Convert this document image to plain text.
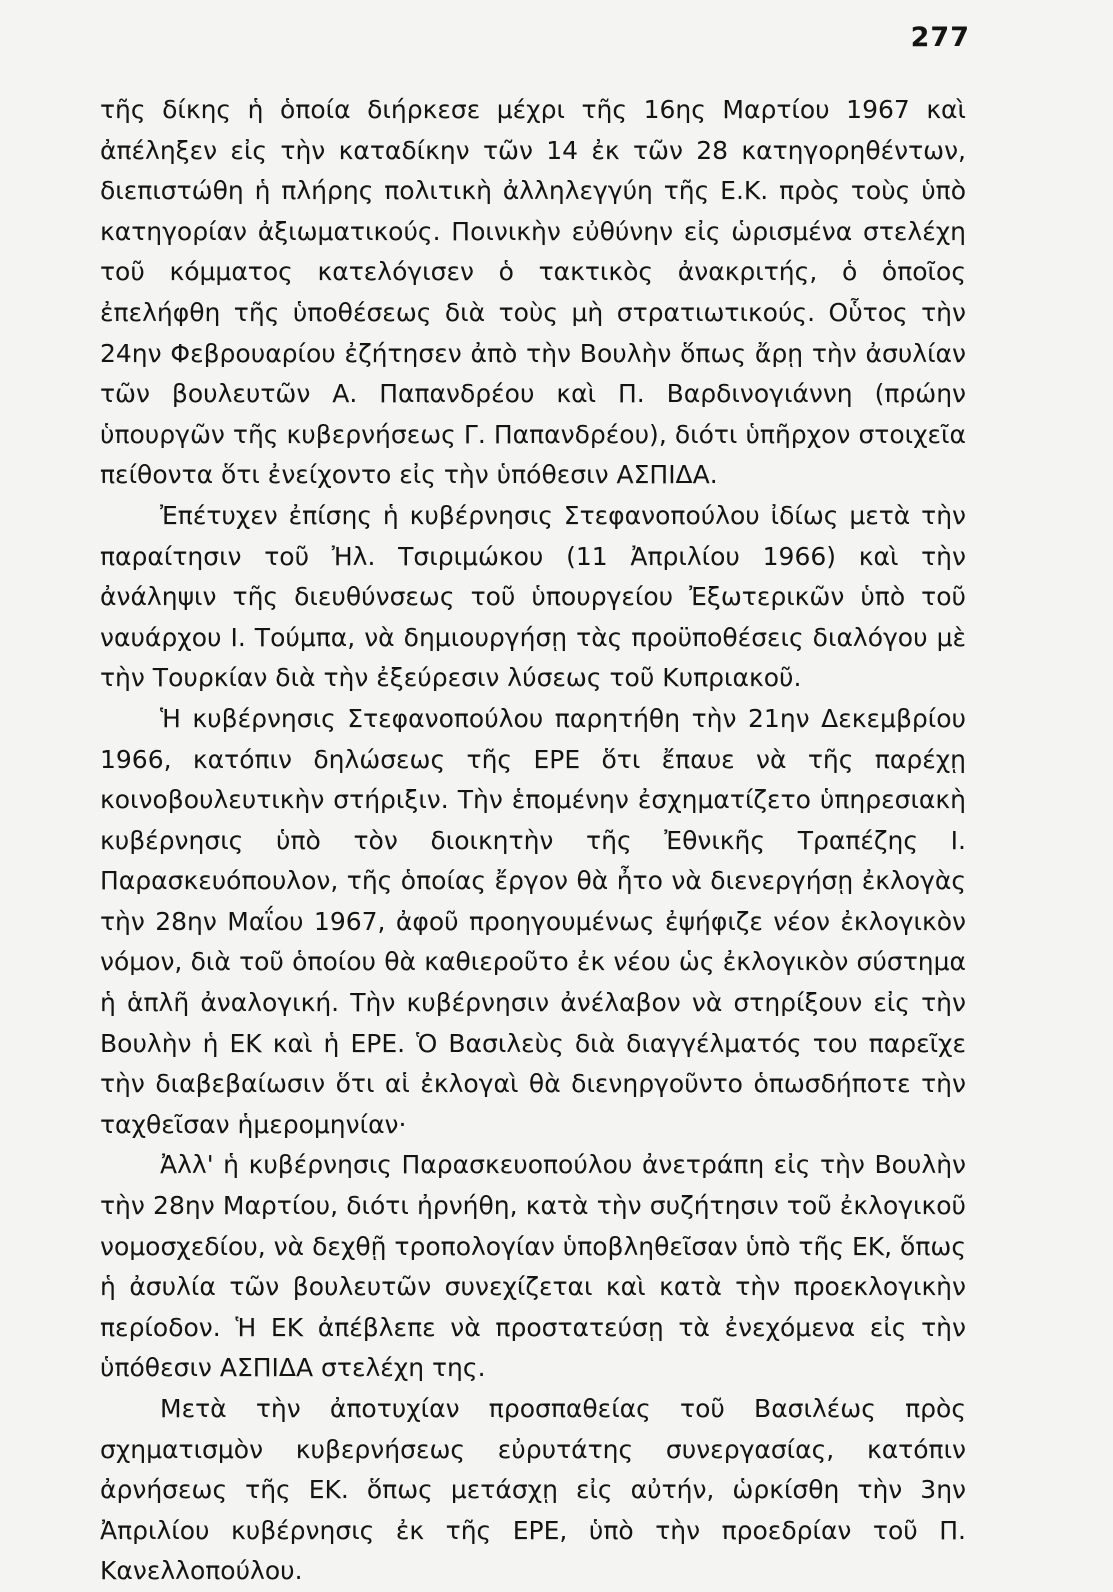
277

τῆς δίκης ἡ ὁποία διήρκεσε μέχρι τῆς 16ης Μαρτίου 1967 καὶ ἀπέληξεν εἰς τὴν καταδίκην τῶν 14 ἐκ τῶν 28 κατηγορηθέντων, διεπιστώθη ἡ πλήρης πολιτικὴ ἀλληλεγγύη τῆς Ε.Κ. πρὸς τοὺς ὑπὸ κατηγορίαν ἀξιωματικούς. Ποινικὴν εὐθύνην εἰς ὡρισμένα στελέχη τοῦ κόμματος κατελόγισεν ὁ τακτικὸς ἀνακριτής, ὁ ὁποῖος ἐπελήφθη τῆς ὑποθέσεως διὰ τοὺς μὴ στρατιωτικούς. Οὗτος τὴν 24ην Φεβρουαρίου ἐζήτησεν ἀπὸ τὴν Βουλὴν ὅπως ἄρῃ τὴν ἀσυλίαν τῶν βουλευτῶν Α. Παπανδρέου καὶ Π. Βαρδινογιάννη (πρώην ὑπουργῶν τῆς κυβερνήσεως Γ. Παπανδρέου), διότι ὑπῆρχον στοιχεῖα πείθοντα ὅτι ἐνείχοντο εἰς τὴν ὑπόθεσιν ΑΣΠΙΔΑ.

Ἐπέτυχεν ἐπίσης ἡ κυβέρνησις Στεφανοπούλου ἰδίως μετὰ τὴν παραίτησιν τοῦ Ἠλ. Τσιριμώκου (11 Ἀπριλίου 1966) καὶ τὴν ἀνάληψιν τῆς διευθύνσεως τοῦ ὑπουργείου Ἐξωτερικῶν ὑπὸ τοῦ ναυάρχου Ι. Τούμπα, νὰ δημιουργήσῃ τὰς προϋποθέσεις διαλόγου μὲ τὴν Τουρκίαν διὰ τὴν ἐξεύρεσιν λύσεως τοῦ Κυπριακοῦ.

Ἡ κυβέρνησις Στεφανοπούλου παρητήθη τὴν 21ην Δεκεμβρίου 1966, κατόπιν δηλώσεως τῆς ΕΡΕ ὅτι ἔπαυε νὰ τῆς παρέχῃ κοινοβουλευτικὴν στήριξιν. Τὴν ἑπομένην ἐσχηματίζετο ὑπηρεσιακὴ κυβέρνησις ὑπὸ τὸν διοικητὴν τῆς Ἐθνικῆς Τραπέζης Ι. Παρασκευόπουλον, τῆς ὁποίας ἔργον θὰ ἦτο νὰ διενεργήσῃ ἐκλογὰς τὴν 28ην Μαΐου 1967, ἀφοῦ προηγουμένως ἐψήφιζε νέον ἐκλογικὸν νόμον, διὰ τοῦ ὁποίου θὰ καθιεροῦτο ἐκ νέου ὡς ἐκλογικὸν σύστημα ἡ ἁπλῆ ἀναλογική. Τὴν κυβέρνησιν ἀνέλαβον νὰ στηρίξουν εἰς τὴν Βουλὴν ἡ ΕΚ καὶ ἡ ΕΡΕ. Ὁ Βασιλεὺς διὰ διαγγέλματός του παρεῖχε τὴν διαβεβαίωσιν ὅτι αἱ ἐκλογαὶ θὰ διενηργοῦντο ὁπωσδήποτε τὴν ταχθεῖσαν ἡμερομηνίαν·

Ἀλλ' ἡ κυβέρνησις Παρασκευοπούλου ἀνετράπη εἰς τὴν Βουλὴν τὴν 28ην Μαρτίου, διότι ἠρνήθη, κατὰ τὴν συζήτησιν τοῦ ἐκλογικοῦ νομοσχεδίου, νὰ δεχθῇ τροπολογίαν ὑποβληθεῖσαν ὑπὸ τῆς ΕΚ, ὅπως ἡ ἀσυλία τῶν βουλευτῶν συνεχίζεται καὶ κατὰ τὴν προεκλογικὴν περίοδον. Ἡ ΕΚ ἀπέβλεπε νὰ προστατεύσῃ τὰ ἐνεχόμενα εἰς τὴν ὑπόθεσιν ΑΣΠΙΔΑ στελέχη της.

Μετὰ τὴν ἀποτυχίαν προσπαθείας τοῦ Βασιλέως πρὸς σχηματισμὸν κυβερνήσεως εὐρυτάτης συνεργασίας, κατόπιν ἀρνήσεως τῆς ΕΚ. ὅπως μετάσχῃ εἰς αὐτήν, ὡρκίσθη τὴν 3ην Ἀπριλίου κυβέρνησις ἐκ τῆς ΕΡΕ, ὑπὸ τὴν προεδρίαν τοῦ Π. Κανελλοπούλου.
